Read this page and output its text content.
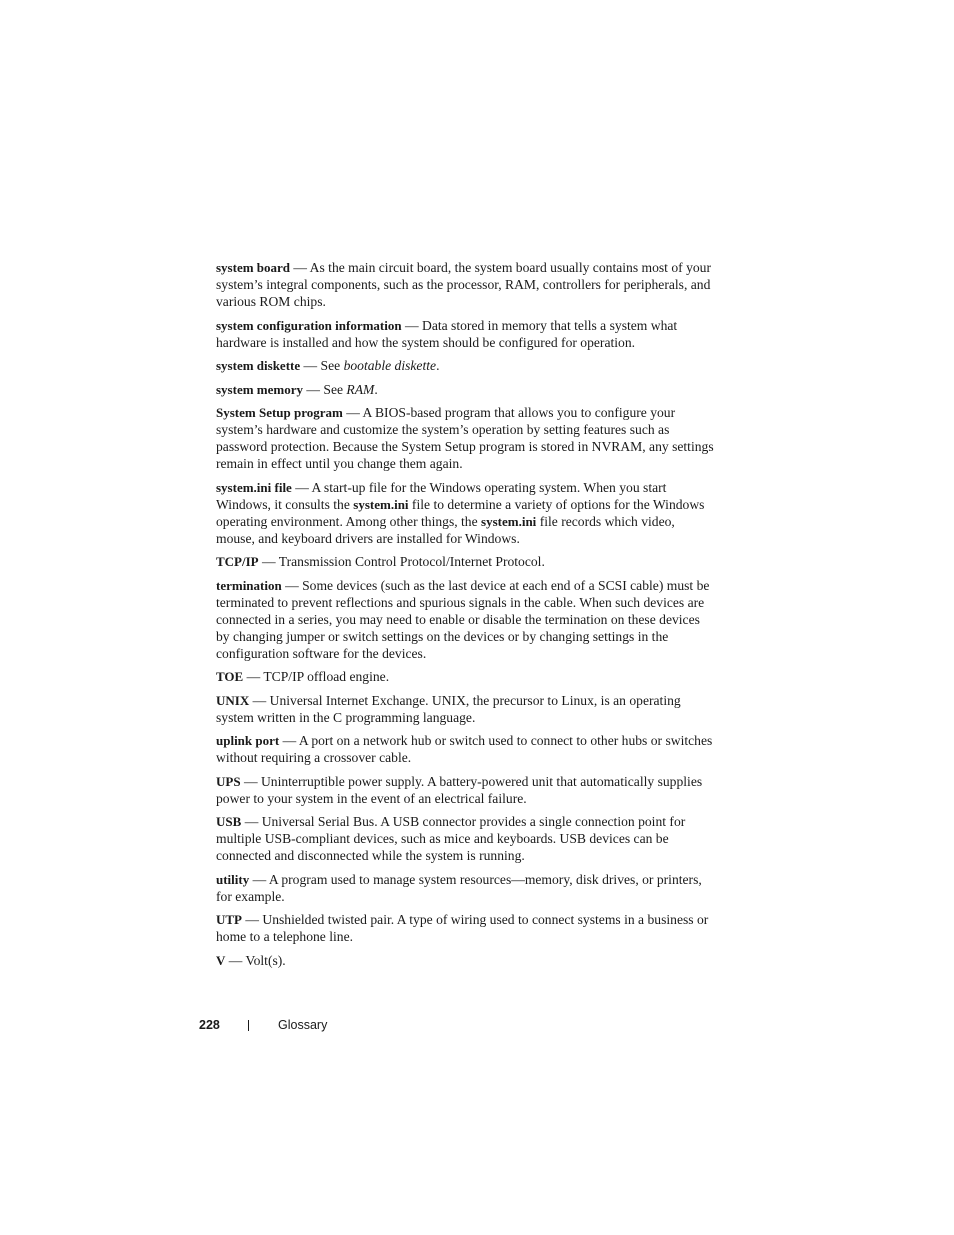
system board — As the main circuit board, the system board usually contains most of your system’s integral components, such as the processor, RAM, controllers for peripherals, and various ROM chips.

system configuration information — Data stored in memory that tells a system what hardware is installed and how the system should be configured for operation.

system diskette — See bootable diskette.

system memory — See RAM.

System Setup program — A BIOS-based program that allows you to configure your system’s hardware and customize the system’s operation by setting features such as password protection. Because the System Setup program is stored in NVRAM, any settings remain in effect until you change them again.

system.ini file — A start-up file for the Windows operating system. When you start Windows, it consults the system.ini file to determine a variety of options for the Windows operating environment. Among other things, the system.ini file records which video, mouse, and keyboard drivers are installed for Windows.

TCP/IP — Transmission Control Protocol/Internet Protocol.

termination — Some devices (such as the last device at each end of a SCSI cable) must be terminated to prevent reflections and spurious signals in the cable. When such devices are connected in a series, you may need to enable or disable the termination on these devices by changing jumper or switch settings on the devices or by changing settings in the configuration software for the devices.

TOE — TCP/IP offload engine.

UNIX — Universal Internet Exchange. UNIX, the precursor to Linux, is an operating system written in the C programming language.

uplink port — A port on a network hub or switch used to connect to other hubs or switches without requiring a crossover cable.

UPS — Uninterruptible power supply. A battery-powered unit that automatically supplies power to your system in the event of an electrical failure.

USB — Universal Serial Bus. A USB connector provides a single connection point for multiple USB-compliant devices, such as mice and keyboards. USB devices can be connected and disconnected while the system is running.

utility — A program used to manage system resources—memory, disk drives, or printers, for example.

UTP — Unshielded twisted pair. A type of wiring used to connect systems in a business or home to a telephone line.

V — Volt(s).

228	Glossary
